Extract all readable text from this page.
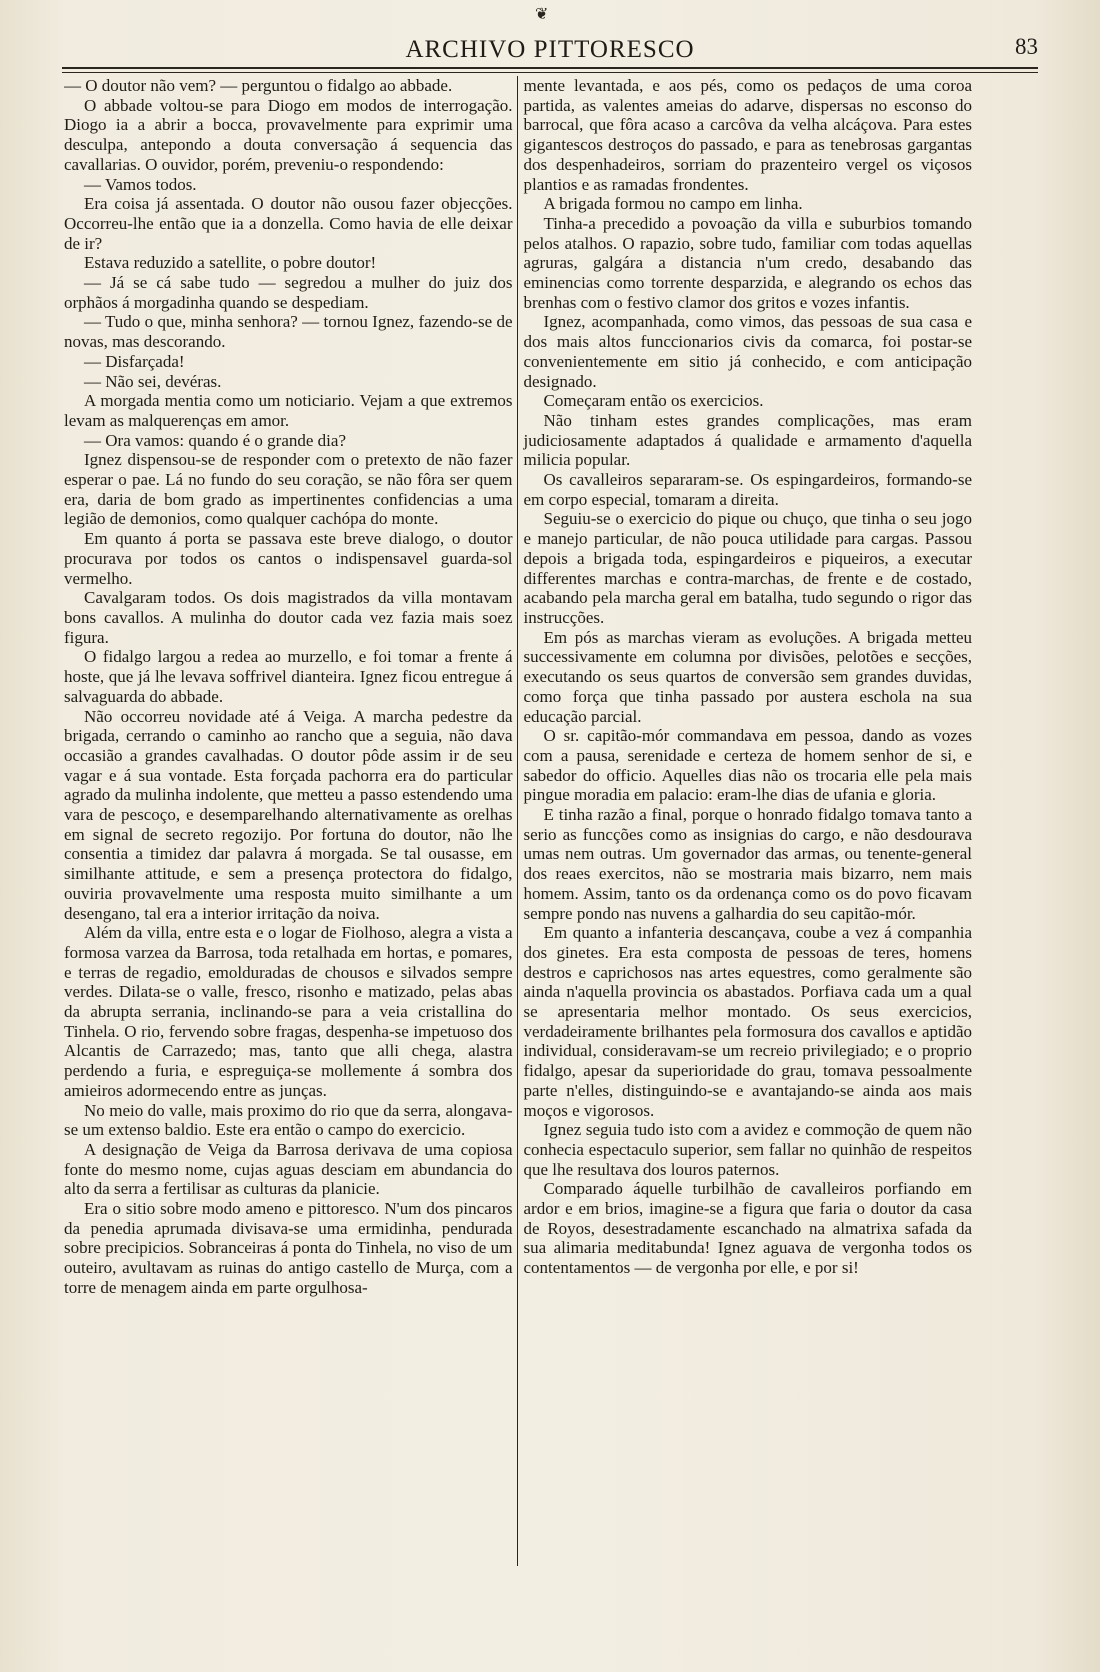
❦
ARCHIVO PITTORESCO	83

— O doutor não vem? — perguntou o fidalgo ao abbade.

O abbade voltou-se para Diogo em modos de interrogação. Diogo ia a abrir a bocca, provavelmente para exprimir uma desculpa, antepondo a douta conversação á sequencia das cavallarias. O ouvidor, porém, preveniu-o respondendo:

— Vamos todos.

Era coisa já assentada. O doutor não ousou fazer objecções. Occorreu-lhe então que ia a donzella. Como havia de elle deixar de ir?

Estava reduzido a satellite, o pobre doutor!

— Já se cá sabe tudo — segredou a mulher do juiz dos orphãos á morgadinha quando se despediam.

— Tudo o que, minha senhora? — tornou Ignez, fazendo-se de novas, mas descorando.

— Disfarçada!

— Não sei, devéras.

A morgada mentia como um noticiario. Vejam a que extremos levam as malquerenças em amor.

— Ora vamos: quando é o grande dia?

Ignez dispensou-se de responder com o pretexto de não fazer esperar o pae. Lá no fundo do seu coração, se não fôra ser quem era, daria de bom grado as impertinentes confidencias a uma legião de demonios, como qualquer cachópa do monte.

Em quanto á porta se passava este breve dialogo, o doutor procurava por todos os cantos o indispensavel guarda-sol vermelho.

Cavalgaram todos. Os dois magistrados da villa montavam bons cavallos. A mulinha do doutor cada vez fazia mais soez figura.

O fidalgo largou a redea ao murzello, e foi tomar a frente á hoste, que já lhe levava soffrivel dianteira. Ignez ficou entregue á salvaguarda do abbade.

Não occorreu novidade até á Veiga. A marcha pedestre da brigada, cerrando o caminho ao rancho que a seguia, não dava occasião a grandes cavalhadas. O doutor pôde assim ir de seu vagar e á sua vontade. Esta forçada pachorra era do particular agrado da mulinha indolente, que metteu a passo estendendo uma vara de pescoço, e desemparelhando alternativamente as orelhas em signal de secreto regozijo. Por fortuna do doutor, não lhe consentia a timidez dar palavra á morgada. Se tal ousasse, em similhante attitude, e sem a presença protectora do fidalgo, ouviria provavelmente uma resposta muito similhante a um desengano, tal era a interior irritação da noiva.

Além da villa, entre esta e o logar de Fiolhoso, alegra a vista a formosa varzea da Barrosa, toda retalhada em hortas, e pomares, e terras de regadio, emolduradas de chousos e silvados sempre verdes. Dilata-se o valle, fresco, risonho e matizado, pelas abas da abrupta serrania, inclinando-se para a veia cristallina do Tinhela. O rio, fervendo sobre fragas, despenha-se impetuoso dos Alcantis de Carrazedo; mas, tanto que alli chega, alastra perdendo a furia, e espreguiça-se mollemente á sombra dos amieiros adormecendo entre as junças.

No meio do valle, mais proximo do rio que da serra, alongava-se um extenso baldio. Este era então o campo do exercicio.

A designação de Veiga da Barrosa derivava de uma copiosa fonte do mesmo nome, cujas aguas desciam em abundancia do alto da serra a fertilisar as culturas da planicie.

Era o sitio sobre modo ameno e pittoresco. N'um dos pincaros da penedia aprumada divisava-se uma ermidinha, pendurada sobre precipicios. Sobranceiras á ponta do Tinhela, no viso de um outeiro, avultavam as ruinas do antigo castello de Murça, com a torre de menagem ainda em parte orgulhosa-

mente levantada, e aos pés, como os pedaços de uma coroa partida, as valentes ameias do adarve, dispersas no esconso do barrocal, que fôra acaso a carcôva da velha alcáçova. Para estes gigantescos destroços do passado, e para as tenebrosas gargantas dos despenhadeiros, sorriam do prazenteiro vergel os viçosos plantios e as ramadas frondentes.

A brigada formou no campo em linha.

Tinha-a precedido a povoação da villa e suburbios tomando pelos atalhos. O rapazio, sobre tudo, familiar com todas aquellas agruras, galgára a distancia n'um credo, desabando das eminencias como torrente desparzida, e alegrando os echos das brenhas com o festivo clamor dos gritos e vozes infantis.

Ignez, acompanhada, como vimos, das pessoas de sua casa e dos mais altos funccionarios civis da comarca, foi postar-se convenientemente em sitio já conhecido, e com anticipação designado.

Começaram então os exercicios.

Não tinham estes grandes complicações, mas eram judiciosamente adaptados á qualidade e armamento d'aquella milicia popular.

Os cavalleiros separaram-se. Os espingardeiros, formando-se em corpo especial, tomaram a direita.

Seguiu-se o exercicio do pique ou chuço, que tinha o seu jogo e manejo particular, de não pouca utilidade para cargas. Passou depois a brigada toda, espingardeiros e piqueiros, a executar differentes marchas e contra-marchas, de frente e de costado, acabando pela marcha geral em batalha, tudo segundo o rigor das instrucções.

Em pós as marchas vieram as evoluções. A brigada metteu successivamente em columna por divisões, pelotões e secções, executando os seus quartos de conversão sem grandes duvidas, como força que tinha passado por austera eschola na sua educação parcial.

O sr. capitão-mór commandava em pessoa, dando as vozes com a pausa, serenidade e certeza de homem senhor de si, e sabedor do officio. Aquelles dias não os trocaria elle pela mais pingue moradia em palacio: eram-lhe dias de ufania e gloria.

E tinha razão a final, porque o honrado fidalgo tomava tanto a serio as funcções como as insignias do cargo, e não desdourava umas nem outras. Um governador das armas, ou tenente-general dos reaes exercitos, não se mostraria mais bizarro, nem mais homem. Assim, tanto os da ordenança como os do povo ficavam sempre pondo nas nuvens a galhardia do seu capitão-mór.

Em quanto a infanteria descançava, coube a vez á companhia dos ginetes. Era esta composta de pessoas de teres, homens destros e caprichosos nas artes equestres, como geralmente são ainda n'aquella provincia os abastados. Porfiava cada um a qual se apresentaria melhor montado. Os seus exercicios, verdadeiramente brilhantes pela formosura dos cavallos e aptidão individual, consideravam-se um recreio privilegiado; e o proprio fidalgo, apesar da superioridade do grau, tomava pessoalmente parte n'elles, distinguindo-se e avantajando-se ainda aos mais moços e vigorosos.

Ignez seguia tudo isto com a avidez e commoção de quem não conhecia espectaculo superior, sem fallar no quinhão de respeitos que lhe resultava dos louros paternos.

Comparado áquelle turbilhão de cavalleiros porfiando em ardor e em brios, imagine-se a figura que faria o doutor da casa de Royos, desestradamente escanchado na almatrixa safada da sua alimaria meditabunda! Ignez aguava de vergonha todos os contentamentos — de vergonha por elle, e por si!
